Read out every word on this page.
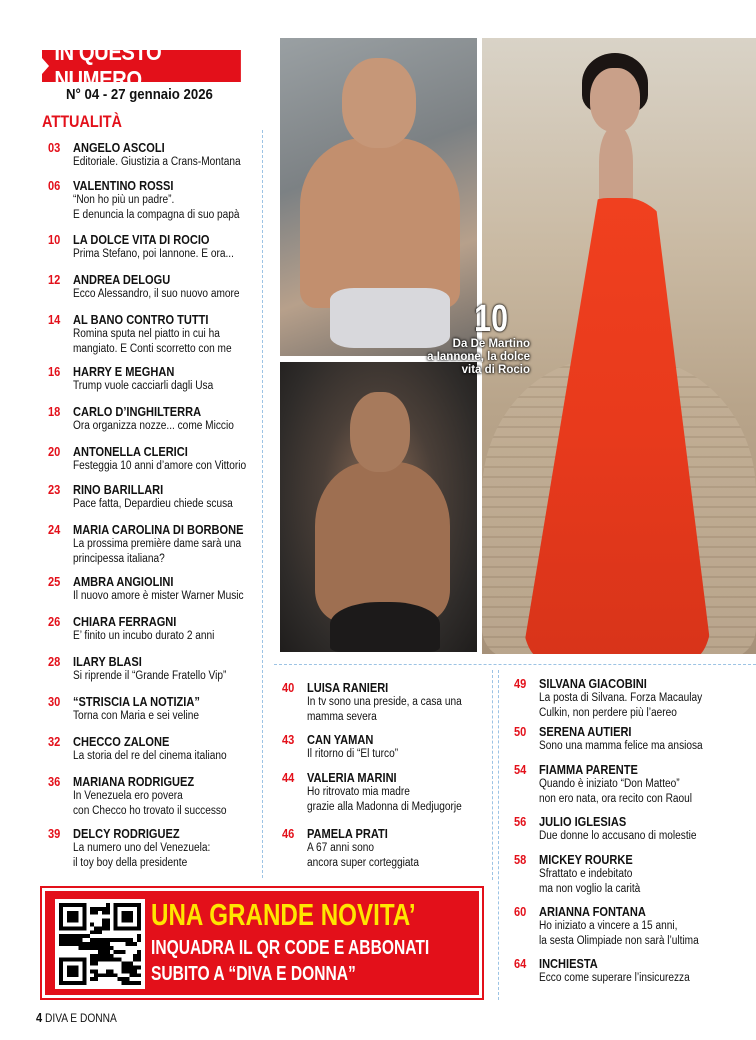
IN QUESTO NUMERO
N° 04 - 27 gennaio 2026
ATTUALITÀ
03 ANGELO ASCOLI
Editoriale. Giustizia a Crans-Montana
06 VALENTINO ROSSI
“Non ho più un padre”.
E denuncia la compagna di suo papà
10 LA DOLCE VITA DI ROCIO
Prima Stefano, poi Iannone. E ora...
12 ANDREA DELOGU
Ecco Alessandro, il suo nuovo amore
14 AL BANO CONTRO TUTTI
Romina sputa nel piatto in cui ha
mangiato. E Conti scorretto con me
16 HARRY E MEGHAN
Trump vuole cacciarli dagli Usa
18 CARLO D’INGHILTERRA
Ora organizza nozze... come Miccio
20 ANTONELLA CLERICI
Festeggia 10 anni d’amore con Vittorio
23 RINO BARILLARI
Pace fatta, Depardieu chiede scusa
24 MARIA CAROLINA DI BORBONE
La prossima première dame sarà una
principessa italiana?
25 AMBRA ANGIOLINI
Il nuovo amore è mister Warner Music
26 CHIARA FERRAGNI
E’ finito un incubo durato 2 anni
28 ILARY BLASI
Si riprende il “Grande Fratello Vip”
30 “STRISCIA LA NOTIZIA”
Torna con Maria e sei veline
32 CHECCO ZALONE
La storia del re del cinema italiano
36 MARIANA RODRIGUEZ
In Venezuela ero povera
con Checco ho trovato il successo
39 DELCY RODRIGUEZ
La numero uno del Venezuela:
il toy boy della presidente
40 LUISA RANIERI
In tv sono una preside, a casa una
mamma severa
43 CAN YAMAN
Il ritorno di “El turco”
44 VALERIA MARINI
Ho ritrovato mia madre
grazie alla Madonna di Medjugorje
46 PAMELA PRATI
A 67 anni sono
ancora super corteggiata
49 SILVANA GIACOBINI
La posta di Silvana. Forza Macaulay
Culkin, non perdere più l’aereo
50 SERENA AUTIERI
Sono una mamma felice ma ansiosa
54 FIAMMA PARENTE
Quando è iniziato “Don Matteo”
non ero nata, ora recito con Raoul
56 JULIO IGLESIAS
Due donne lo accusano di molestie
58 MICKEY ROURKE
Sfrattato e indebitato
ma non voglio la carità
60 ARIANNA FONTANA
Ho iniziato a vincere a 15 anni,
la sesta Olimpiade non sarà l’ultima
64 INCHIESTA
Ecco come superare l’insicurezza
10
Da De Martino
a Iannone, la dolce
vita di Rocio
UNA GRANDE NOVITA’
INQUADRA IL QR CODE E ABBONATI
SUBITO A “DIVA E DONNA”
4 DIVA E DONNA
